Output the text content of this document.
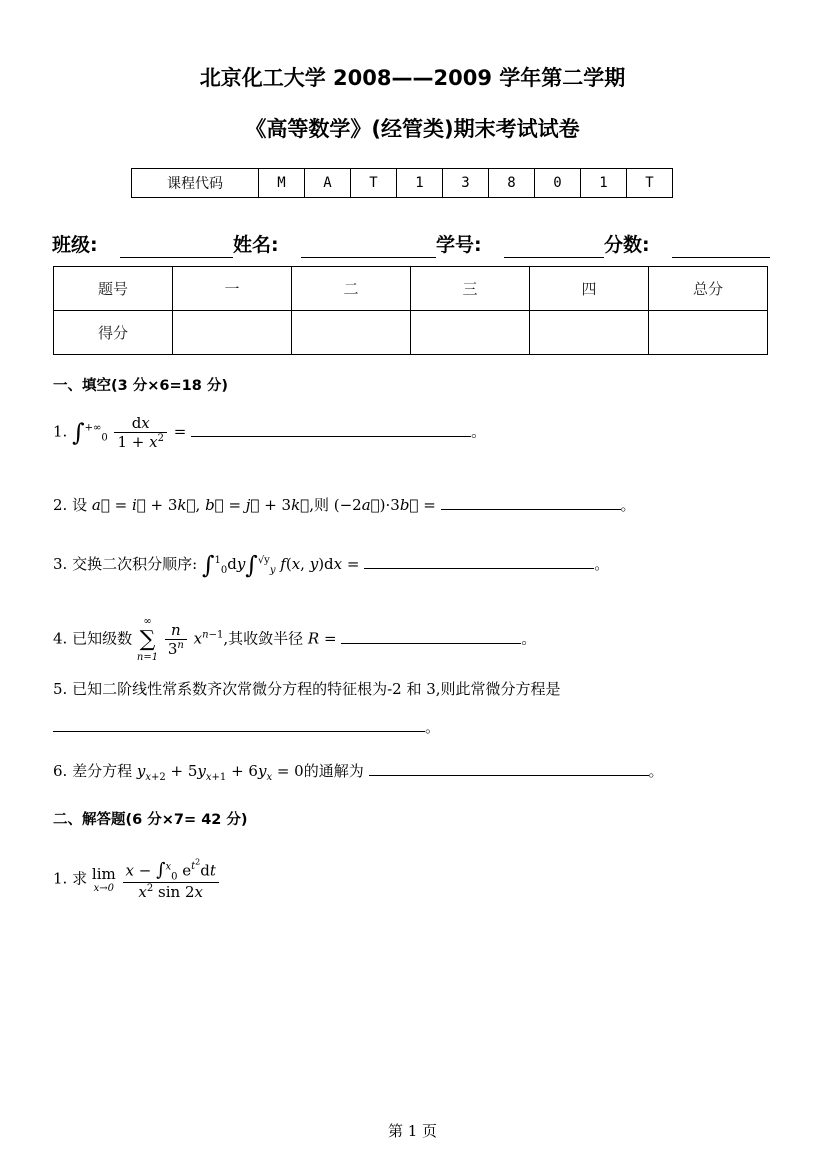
北京化工大学 2008——2009 学年第二学期
《高等数学》(经管类)期末考试试卷
课程代码	M	A	T	1	3	8	0	1	T
班级:	姓名:	学号:	分数:
题号	一	二	三	四	总分
得分					
一、填空(3 分×6=18 分)
1. $\int^{+\infty}_0 \frac{dx}{1 + x^2}$ =	。
2. 设 a⃗ = i⃗ + 3k⃗, b⃗ = j⃗ + 3k⃗,则 (−2a⃗)·3b⃗ =	。
3. 交换二次积分顺序: ∫$^1_0$dy∫$^{√y}_y$ f(x, y)dx =	。
4. 已知级数
∞
∑
n=1
$\frac{n}{3^n} x^{n-1}$,其收敛半径 R =	。
5. 已知二阶线性常系数齐次常微分方程的特征根为-2 和 3,则此常微分方程是
。
6. 差分方程 $y_{x+2} + 5y_{x+1} + 6y_x = 0$的通解为	。
二、解答题(6 分×7= 42 分)
1. 求 lim
x→0
$\frac{x - \int^x_0 e^{t^2}dt}{x^2 \sin 2x}$
第 1 页
